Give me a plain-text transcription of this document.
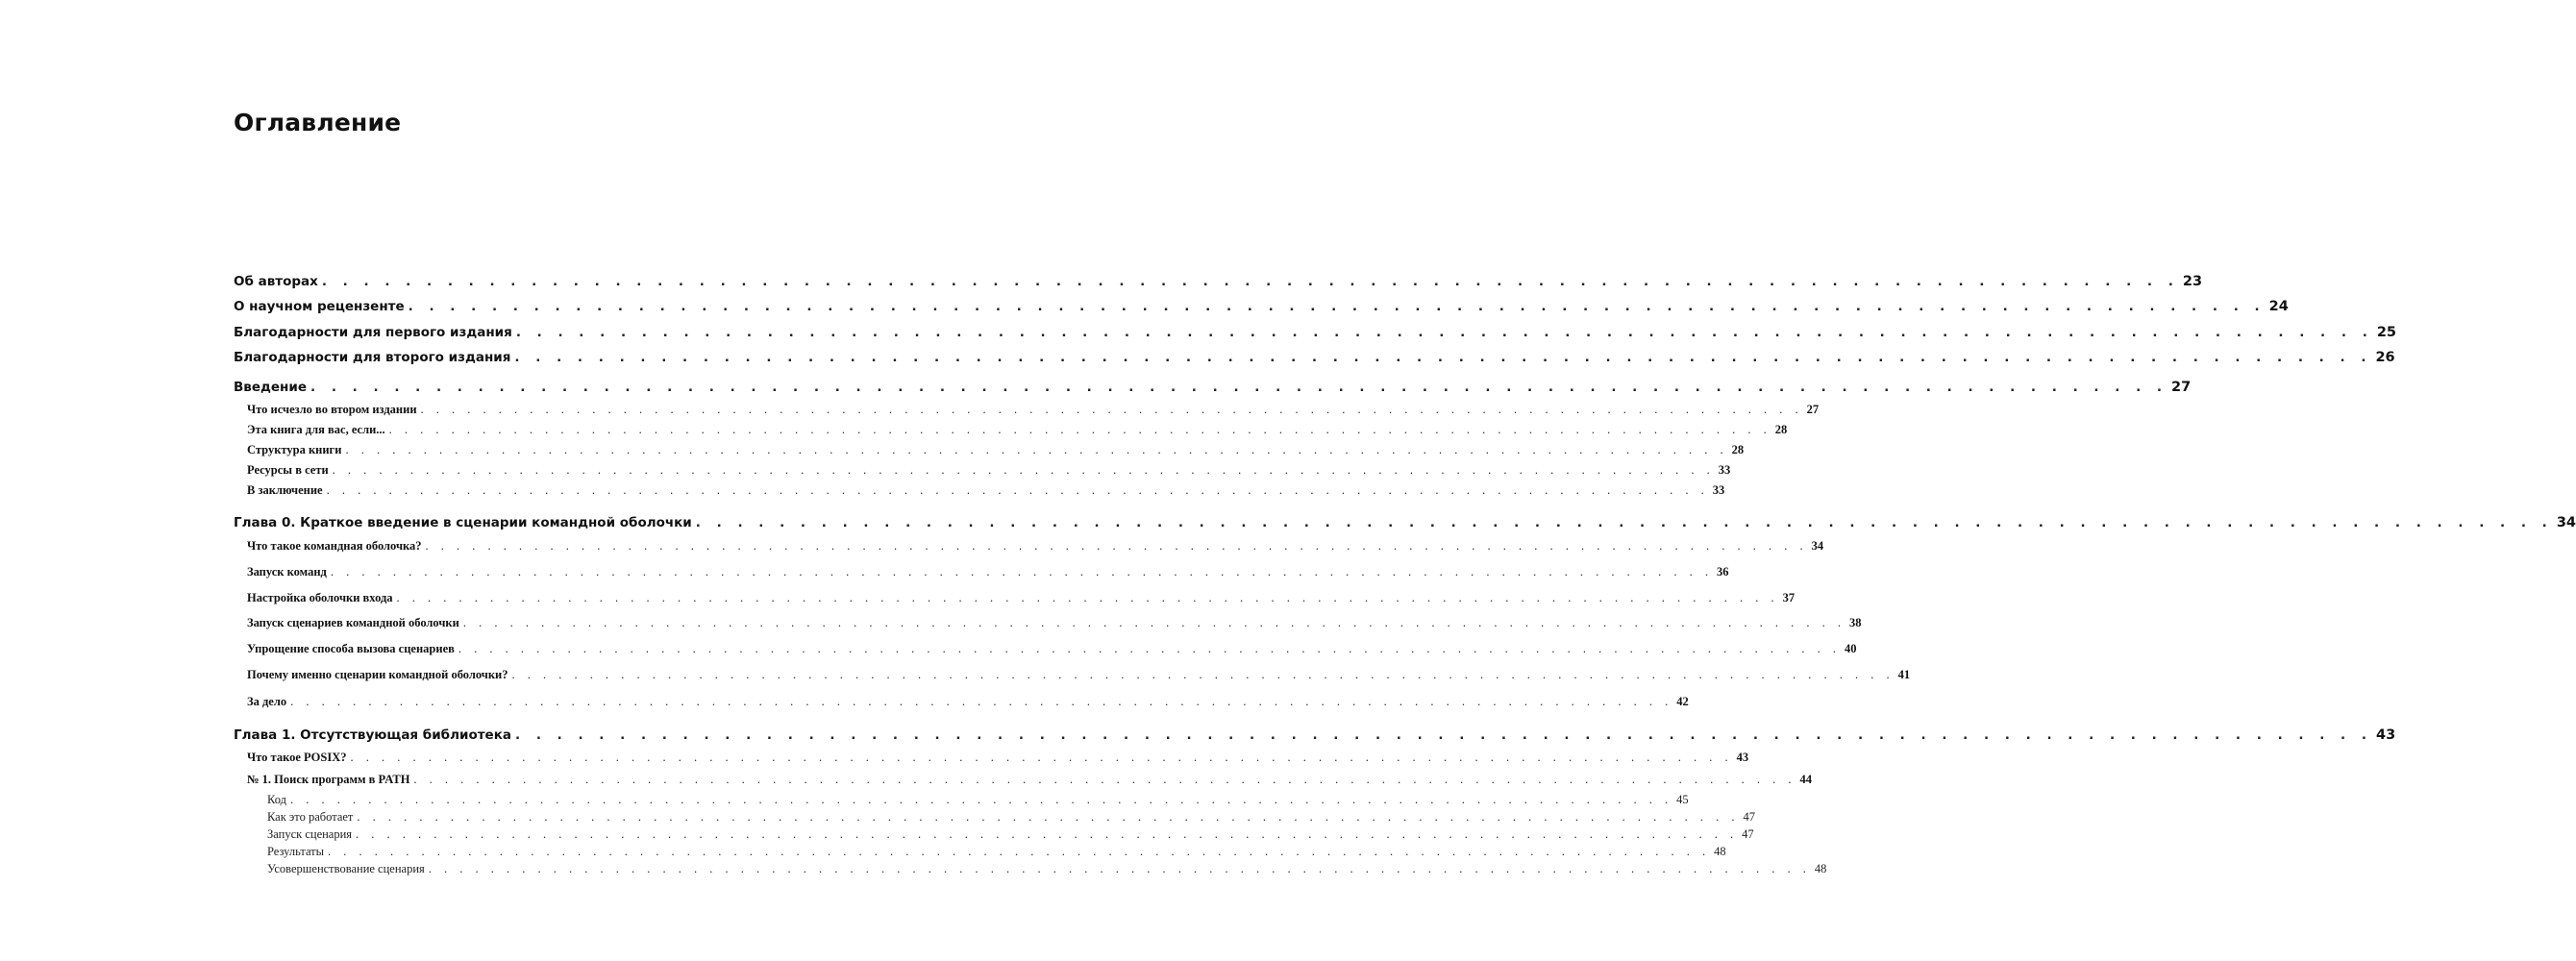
Оглавление
Об авторах . . . . . . . . . . . . . . . . . . . . . . . . . . . . . . . . . . . . . . . . . . . . . . . . . . . . . . . . . . . . . . . . . . . . . . . . . . . . . . . . . . . . . . . . . 23
О научном рецензенте . . . . . . . . . . . . . . . . . . . . . . . . . . . . . . . . . . . . . . . . . . . . . . . . . . . . . . . . . . . . . . . . . . . . . . . . . . . . . . . . . . . . . . . . . 24
Благодарности для первого издания . . . . . . . . . . . . . . . . . . . . . . . . . . . . . . . . . . . . . . . . . . . . . . . . . . . . . . . . . . . . . . . . . . . . . . . . . . . . . . . . . . . . . . . . . 25
Благодарности для второго издания . . . . . . . . . . . . . . . . . . . . . . . . . . . . . . . . . . . . . . . . . . . . . . . . . . . . . . . . . . . . . . . . . . . . . . . . . . . . . . . . . . . . . . . . . 26
Введение . . . . . . . . . . . . . . . . . . . . . . . . . . . . . . . . . . . . . . . . . . . . . . . . . . . . . . . . . . . . . . . . . . . . . . . . . . . . . . . . . . . . . . . . . 27
Что исчезло во втором издании . . . . . . . . . . . . . . . . . . . . . . . . . . . . . . . . . . . . . . . . . . . . . . . . . . . . . . . . . . . . . . . . . . . . . . . . . . . . . . . . . . . . . . . . . 27
Эта книга для вас, если... . . . . . . . . . . . . . . . . . . . . . . . . . . . . . . . . . . . . . . . . . . . . . . . . . . . . . . . . . . . . . . . . . . . . . . . . . . . . . . . . . . . . . . . . . 28
Структура книги . . . . . . . . . . . . . . . . . . . . . . . . . . . . . . . . . . . . . . . . . . . . . . . . . . . . . . . . . . . . . . . . . . . . . . . . . . . . . . . . . . . . . . . . . 28
Ресурсы в сети . . . . . . . . . . . . . . . . . . . . . . . . . . . . . . . . . . . . . . . . . . . . . . . . . . . . . . . . . . . . . . . . . . . . . . . . . . . . . . . . . . . . . . . . . 33
В заключение . . . . . . . . . . . . . . . . . . . . . . . . . . . . . . . . . . . . . . . . . . . . . . . . . . . . . . . . . . . . . . . . . . . . . . . . . . . . . . . . . . . . . . . . . 33
Глава 0. Краткое введение в сценарии командной оболочки . . . . . . . . . . . . . . . . . . . . . . . . . . . . . . . . . . . . . . . . . . . . . . . . . . . . . . . . . . . . . . . . . . . . . . . . . . . . . . . . . . . . . . . . . 34
Что такое командная оболочка? . . . . . . . . . . . . . . . . . . . . . . . . . . . . . . . . . . . . . . . . . . . . . . . . . . . . . . . . . . . . . . . . . . . . . . . . . . . . . . . . . . . . . . . . . 34
Запуск команд . . . . . . . . . . . . . . . . . . . . . . . . . . . . . . . . . . . . . . . . . . . . . . . . . . . . . . . . . . . . . . . . . . . . . . . . . . . . . . . . . . . . . . . . . 36
Настройка оболочки входа . . . . . . . . . . . . . . . . . . . . . . . . . . . . . . . . . . . . . . . . . . . . . . . . . . . . . . . . . . . . . . . . . . . . . . . . . . . . . . . . . . . . . . . . . 37
Запуск сценариев командной оболочки . . . . . . . . . . . . . . . . . . . . . . . . . . . . . . . . . . . . . . . . . . . . . . . . . . . . . . . . . . . . . . . . . . . . . . . . . . . . . . . . . . . . . . . . . 38
Упрощение способа вызова сценариев . . . . . . . . . . . . . . . . . . . . . . . . . . . . . . . . . . . . . . . . . . . . . . . . . . . . . . . . . . . . . . . . . . . . . . . . . . . . . . . . . . . . . . . . . 40
Почему именно сценарии командной оболочки? . . . . . . . . . . . . . . . . . . . . . . . . . . . . . . . . . . . . . . . . . . . . . . . . . . . . . . . . . . . . . . . . . . . . . . . . . . . . . . . . . . . . . . . . . 41
За дело . . . . . . . . . . . . . . . . . . . . . . . . . . . . . . . . . . . . . . . . . . . . . . . . . . . . . . . . . . . . . . . . . . . . . . . . . . . . . . . . . . . . . . . . . 42
Глава 1. Отсутствующая библиотека . . . . . . . . . . . . . . . . . . . . . . . . . . . . . . . . . . . . . . . . . . . . . . . . . . . . . . . . . . . . . . . . . . . . . . . . . . . . . . . . . . . . . . . . . 43
Что такое POSIX? . . . . . . . . . . . . . . . . . . . . . . . . . . . . . . . . . . . . . . . . . . . . . . . . . . . . . . . . . . . . . . . . . . . . . . . . . . . . . . . . . . . . . . . . . 43
№ 1. Поиск программ в PATH . . . . . . . . . . . . . . . . . . . . . . . . . . . . . . . . . . . . . . . . . . . . . . . . . . . . . . . . . . . . . . . . . . . . . . . . . . . . . . . . . . . . . . . . . 44
Код . . . . . . . . . . . . . . . . . . . . . . . . . . . . . . . . . . . . . . . . . . . . . . . . . . . . . . . . . . . . . . . . . . . . . . . . . . . . . . . . . . . . . . . . . 45
Как это работает . . . . . . . . . . . . . . . . . . . . . . . . . . . . . . . . . . . . . . . . . . . . . . . . . . . . . . . . . . . . . . . . . . . . . . . . . . . . . . . . . . . . . . . . . 47
Запуск сценария . . . . . . . . . . . . . . . . . . . . . . . . . . . . . . . . . . . . . . . . . . . . . . . . . . . . . . . . . . . . . . . . . . . . . . . . . . . . . . . . . . . . . . . . . 47
Результаты . . . . . . . . . . . . . . . . . . . . . . . . . . . . . . . . . . . . . . . . . . . . . . . . . . . . . . . . . . . . . . . . . . . . . . . . . . . . . . . . . . . . . . . . . 48
Усовершенствование сценария . . . . . . . . . . . . . . . . . . . . . . . . . . . . . . . . . . . . . . . . . . . . . . . . . . . . . . . . . . . . . . . . . . . . . . . . . . . . . . . . . . . . . . . . . 48
